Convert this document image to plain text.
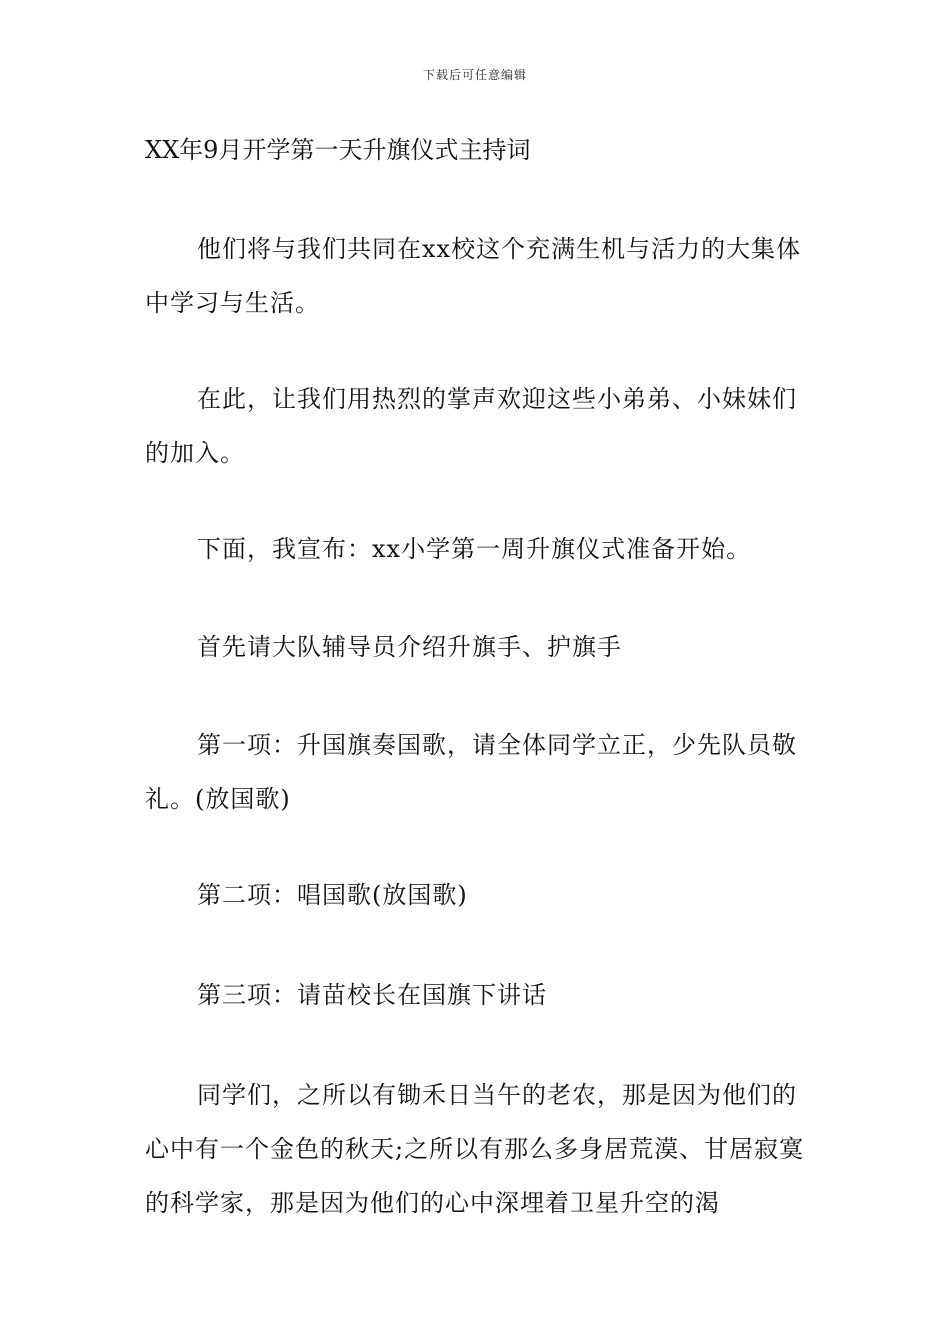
下载后可任意编辑
XX年9月开学第一天升旗仪式主持词

他们将与我们共同在xx校这个充满生机与活力的大集体中学习与生活。

在此，让我们用热烈的掌声欢迎这些小弟弟、小妹妹们的加入。

下面，我宣布：xx小学第一周升旗仪式准备开始。

首先请大队辅导员介绍升旗手、护旗手

第一项：升国旗奏国歌，请全体同学立正，少先队员敬礼。(放国歌)

第二项：唱国歌(放国歌)

第三项：请苗校长在国旗下讲话

同学们，之所以有锄禾日当午的老农，那是因为他们的心中有一个金色的秋天;之所以有那么多身居荒漠、甘居寂寞的科学家，那是因为他们的心中深埋着卫星升空的渴
